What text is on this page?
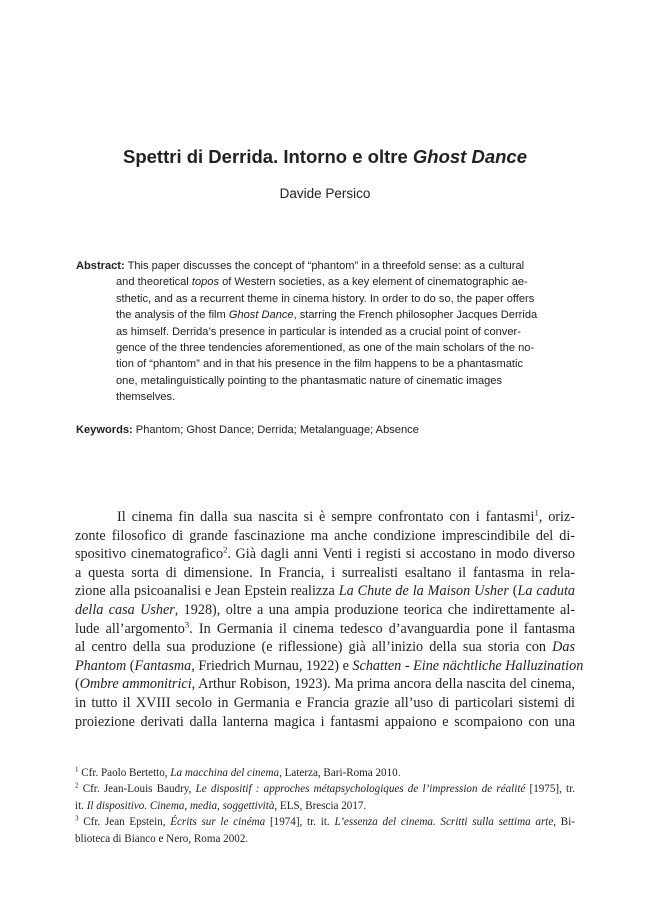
Spettri di Derrida. Intorno e oltre Ghost Dance
Davide Persico
Abstract: This paper discusses the concept of “phantom” in a threefold sense: as a cultural
and theoretical topos of Western societies, as a key element of cinematographic ae-
sthetic, and as a recurrent theme in cinema history. In order to do so, the paper offers
the analysis of the film Ghost Dance, starring the French philosopher Jacques Derrida
as himself. Derrida’s presence in particular is intended as a crucial point of conver-
gence of the three tendencies aforementioned, as one of the main scholars of the no-
tion of “phantom” and in that his presence in the film happens to be a phantasmatic
one, metalinguistically pointing to the phantasmatic nature of cinematic images
themselves.
Keywords: Phantom; Ghost Dance; Derrida; Metalanguage; Absence
Il cinema fin dalla sua nascita si è sempre confrontato con i fantasmi$^1$, oriz-
zonte filosofico di grande fascinazione ma anche condizione imprescindibile del di-
spositivo cinematografico$^2$. Già dagli anni Venti i registi si accostano in modo diverso
a questa sorta di dimensione. In Francia, i surrealisti esaltano il fantasma in rela-
zione alla psicoanalisi e Jean Epstein realizza La Chute de la Maison Usher (La caduta
della casa Usher, 1928), oltre a una ampia produzione teorica che indirettamente al-
lude all’argomento$^3$. In Germania il cinema tedesco d’avanguardia pone il fantasma
al centro della sua produzione (e riflessione) già all’inizio della sua storia con Das
Phantom (Fantasma, Friedrich Murnau, 1922) e Schatten - Eine nächtliche Halluzination
(Ombre ammonitrici, Arthur Robison, 1923). Ma prima ancora della nascita del cinema,
in tutto il XVIII secolo in Germania e Francia grazie all’uso di particolari sistemi di
proiezione derivati dalla lanterna magica i fantasmi appaiono e scompaiono con una
$^1$ Cfr. Paolo Bertetto, La macchina del cinema, Laterza, Bari-Roma 2010.
$^2$ Cfr. Jean-Louis Baudry, Le dispositif : approches métapsychologiques de l’impression de réalité [1975], tr.
it. Il dispositivo. Cinema, media, soggettività, ELS, Brescia 2017.
$^3$ Cfr. Jean Epstein, Écrits sur le cinéma [1974], tr. it. L’essenza del cinema. Scritti sulla settima arte, Bi-
blioteca di Bianco e Nero, Roma 2002.
